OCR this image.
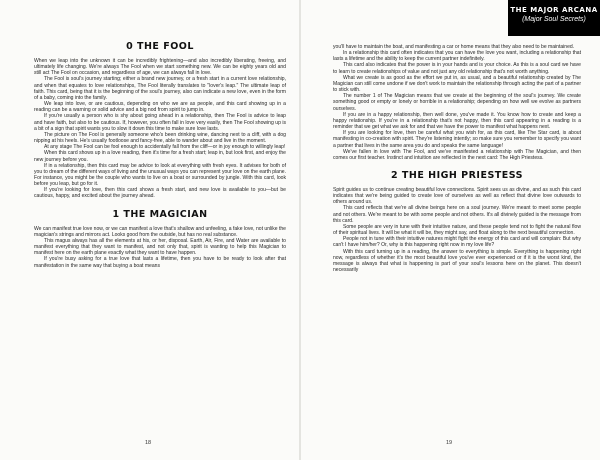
0 THE FOOL

When we leap into the unknown it can be incredibly frightening—and also incredibly liberating, freeing, and ultimately life changing. We're always The Fool when we start something new. We can be eighty years old and still act The Fool on occasion, and regardless of age, we can always fall in love.

The Fool is soul's journey starting; either a brand new journey, or a fresh start in a current love relationship, and when that equates to love relationships, The Fool literally translates to "lover's leap." The ultimate leap of faith. This card, being that it is the beginning of the soul's journey, also can indicate a new love, even in the form of a baby, coming into the family.

We leap into love, or are cautious, depending on who we are as people, and this card showing up in a reading can be a warning or solid advice and a big nod from spirit to jump in.

If you're usually a person who is shy about going ahead in a relationship, then The Fool is advice to leap and have faith, but also to be cautious. If, however, you often fall in love very easily, then The Fool showing up is a bit of a sign that spirit wants you to slow it down this time to make sure love lasts.

The picture on The Fool is generally someone who's been drinking wine, dancing next to a cliff, with a dog nipping at his heels. He's usually footloose and fancy-free, able to wander about and live in the moment.

At any stage The Fool can be fool enough to accidentally fall from the cliff—or in joy enough to willingly leap!

When this card shows up in a love reading, then it's time for a fresh start; leap in, but look first, and enjoy the new journey before you.

If in a relationship, then this card may be advice to look at everything with fresh eyes. It advises for both of you to dream of the different ways of living and the unusual ways you can represent your love on the earth plane. For instance, you might be the couple who wants to live on a boat or surrounded by jungle. With this card, look before you leap, but go for it.

If you're looking for love, then this card shows a fresh start, and new love is available to you—but be cautious, happy, and excited about the journey ahead.

1 THE MAGICIAN

We can manifest true love now, or we can manifest a love that's shallow and unfeeling, a fake love, not unlike the magician's strings and mirrors act. Looks good from the outside, but has no real substance.

This magus always has all the elements at his, or her, disposal. Earth, Air, Fire, and Water are available to manifest everything that they want to manifest, and not only that, spirit is wanting to help this Magician to manifest here on the earth plane exactly what they want to have happen.

If you're busy asking for a true love that lasts a lifetime, then you have to be ready to look after that manifestation in the same way that buying a boat means

18
THE MAJOR ARCANA
(Major Soul Secrets)

you'll have to maintain the boat, and manifesting a car or home means that they also need to be maintained.

In a relationship this card often indicates that you can have the love you want, including a relationship that lasts a lifetime and the ability to keep the current partner indefinitely.

This card also indicates that the power is in your hands and is your choice. As this is a soul card we have to learn to create relationships of value and not just any old relationship that's not worth anything.

What we create is as good as the effort we put in, as usual, and a beautiful relationship created by The Magician can still come undone if we don't work to maintain the relationship through acting the part of a partner to stick with.

The number 1 of The Magician means that we create at the beginning of the soul's journey. We create something good or empty or lonely or horrible in a relationship; depending on how well we evolve as partners ourselves.

If you are in a happy relationship, then well done, you've made it. You know how to create and keep a happy relationship. If you're in a relationship that's not happy, then this card appearing in a reading is a reminder that we get what we ask for and that we have the power to manifest what happens next.

If you are looking for love, then be careful what you wish for, as this card, like The Star card, is about manifesting in co-creation with spirit. They're listening intently; so make sure you remember to specify you want a partner that lives in the same area you do and speaks the same language!

We've fallen in love with The Fool, and we've manifested a relationship with The Magician, and then comes our first teacher. Instinct and intuition are reflected in the next card: The High Priestess.

2 THE HIGH PRIESTESS

Spirit guides us to continue creating beautiful love connections. Spirit sees us as divine, and as such this card indicates that we're being guided to create love of ourselves as well as reflect that divine love outwards to others around us.

This card reflects that we're all divine beings here on a soul journey. We're meant to meet some people and not others. We're meant to be with some people and not others. It's all divinely guided is the message from this card.

Some people are very in tune with their intuitive nature, and these people tend not to fight the natural flow of their spiritual lives. It will be what it will be, they might say, and float along to the next beautiful connection.

People not in tune with their intuitive natures might fight the energy of this card and will complain: But why can't I have him/her? Or, why is this happening right now in my love life?

With this card turning up in a reading, the answer to everything is simple. Everything is happening right now, regardless of whether it's the most beautiful love you've ever experienced or if it is the worst kind, the message is always that what is happening is part of your soul's lessons here on the planet. This doesn't necessarily

19
